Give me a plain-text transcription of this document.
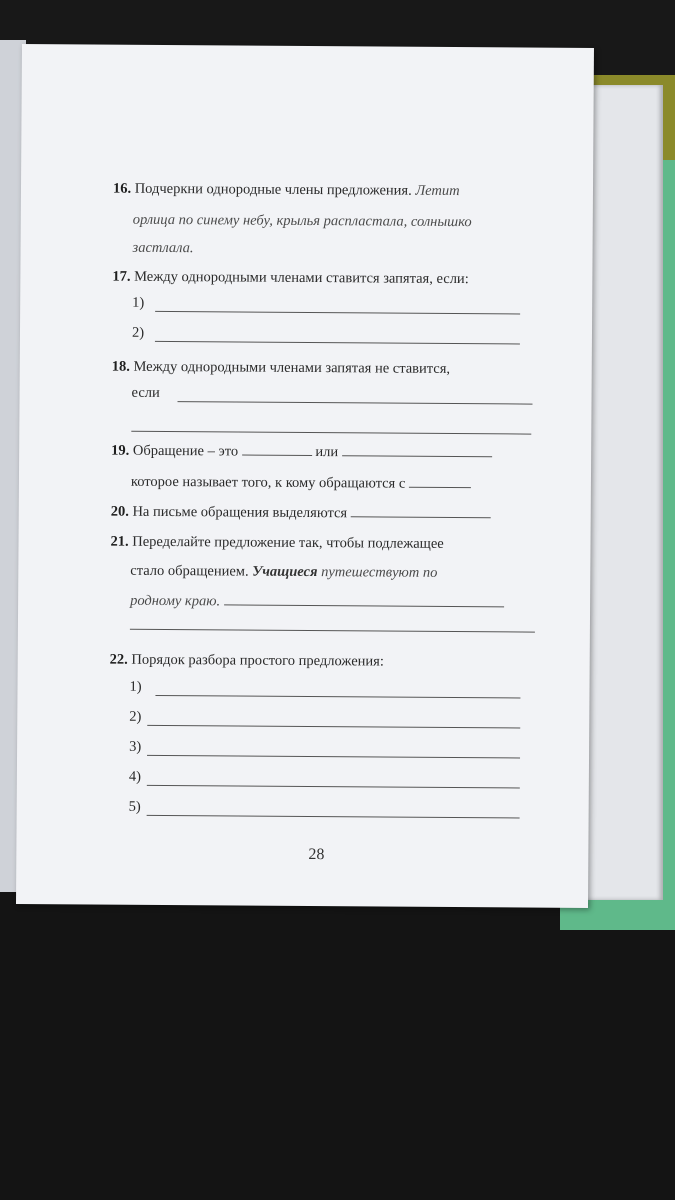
16. Подчеркни однородные члены предложения. Летит
орлица по синему небу, крылья распластала, солнышко
застлала.
17. Между однородными членами ставится запятая, если:
1)
2)
18. Между однородными членами запятая не ставится,
если
19. Обращение – это	или
которое называет того, к кому обращаются с
20. На письме обращения выделяются
21. Переделайте предложение так, чтобы подлежащее
стало обращением. Учащиеся путешествуют по
родному краю.
22. Порядок разбора простого предложения:
1)
2)
3)
4)
5)
28
